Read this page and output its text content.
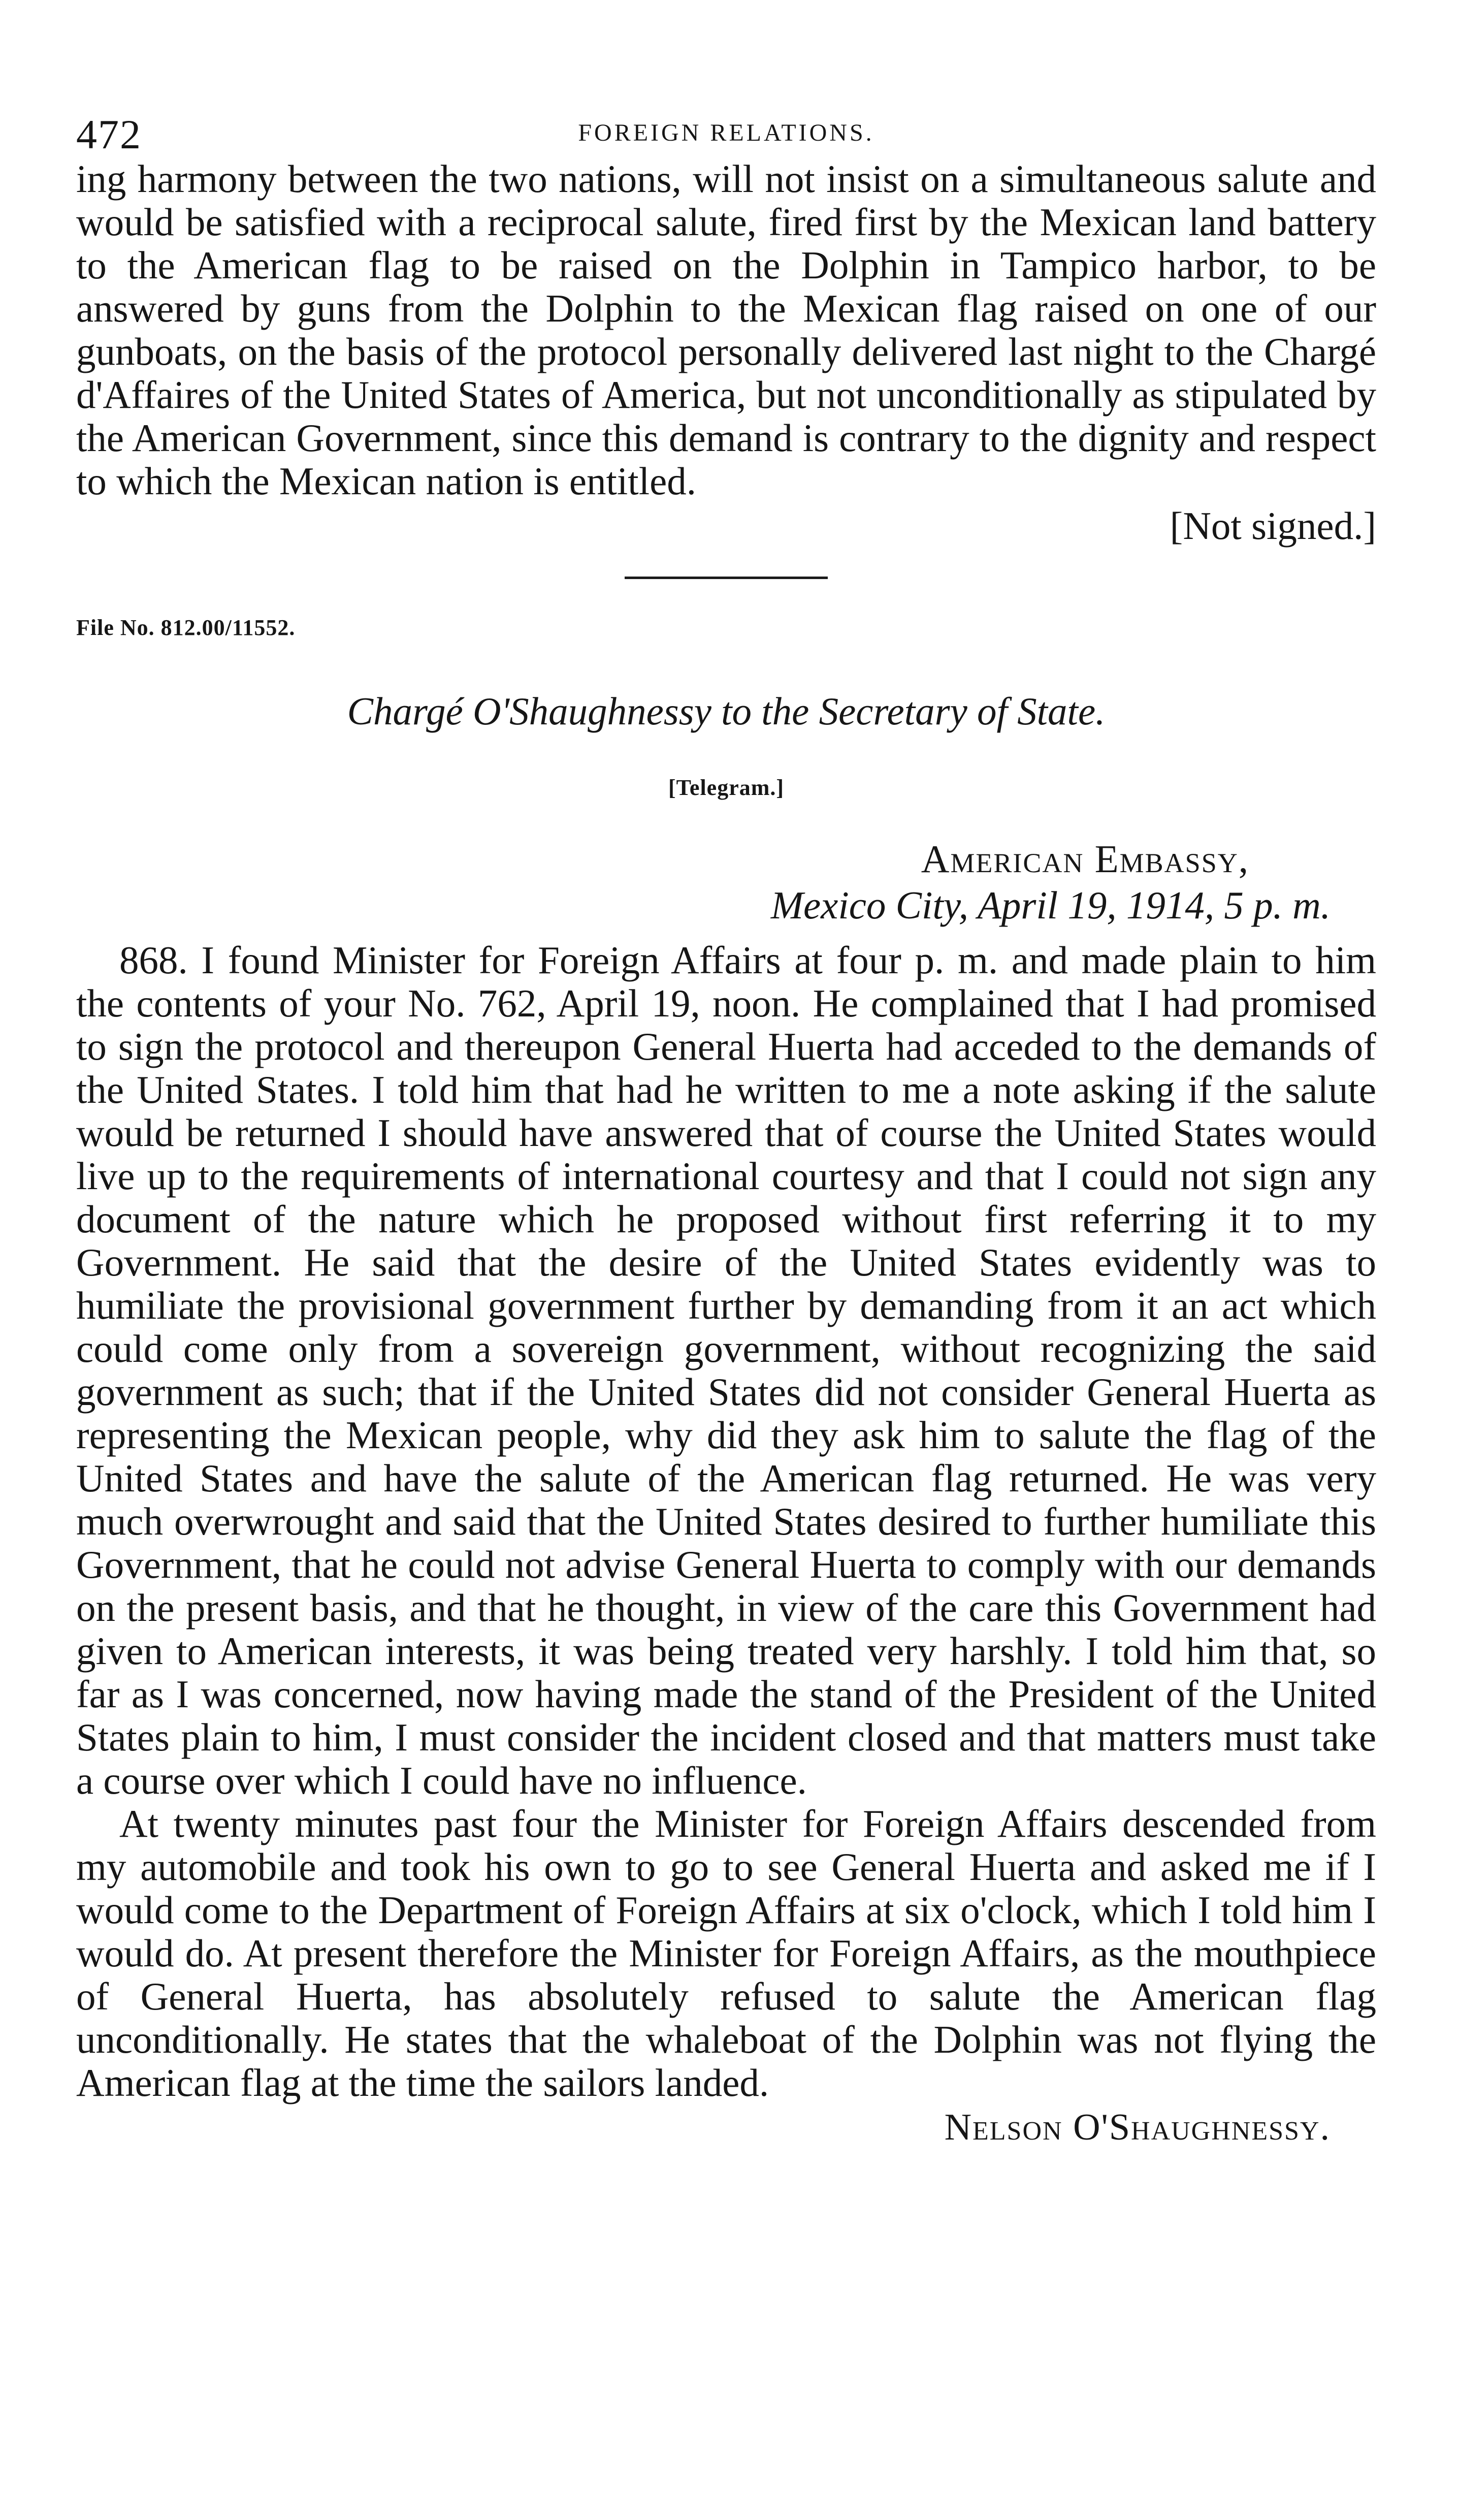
472	FOREIGN RELATIONS.

ing harmony between the two nations, will not insist on a simultaneous salute and would be satisfied with a reciprocal salute, fired first by the Mexican land battery to the American flag to be raised on the Dolphin in Tampico harbor, to be answered by guns from the Dolphin to the Mexican flag raised on one of our gunboats, on the basis of the protocol personally delivered last night to the Chargé d'Affaires of the United States of America, but not unconditionally as stipulated by the American Government, since this demand is contrary to the dignity and respect to which the Mexican nation is entitled.

[Not signed.]

File No. 812.00/11552.

Chargé O'Shaughnessy to the Secretary of State.

[Telegram.]

American Embassy,
Mexico City, April 19, 1914, 5 p. m.

868. I found Minister for Foreign Affairs at four p. m. and made plain to him the contents of your No. 762, April 19, noon. He complained that I had promised to sign the protocol and thereupon General Huerta had acceded to the demands of the United States. I told him that had he written to me a note asking if the salute would be returned I should have answered that of course the United States would live up to the requirements of international courtesy and that I could not sign any document of the nature which he proposed without first referring it to my Government. He said that the desire of the United States evidently was to humiliate the provisional government further by demanding from it an act which could come only from a sovereign government, without recognizing the said government as such; that if the United States did not consider General Huerta as representing the Mexican people, why did they ask him to salute the flag of the United States and have the salute of the American flag returned. He was very much overwrought and said that the United States desired to further humiliate this Government, that he could not advise General Huerta to comply with our demands on the present basis, and that he thought, in view of the care this Government had given to American interests, it was being treated very harshly. I told him that, so far as I was concerned, now having made the stand of the President of the United States plain to him, I must consider the incident closed and that matters must take a course over which I could have no influence.

At twenty minutes past four the Minister for Foreign Affairs descended from my automobile and took his own to go to see General Huerta and asked me if I would come to the Department of Foreign Affairs at six o'clock, which I told him I would do. At present therefore the Minister for Foreign Affairs, as the mouthpiece of General Huerta, has absolutely refused to salute the American flag unconditionally. He states that the whaleboat of the Dolphin was not flying the American flag at the time the sailors landed.

Nelson O'Shaughnessy.
